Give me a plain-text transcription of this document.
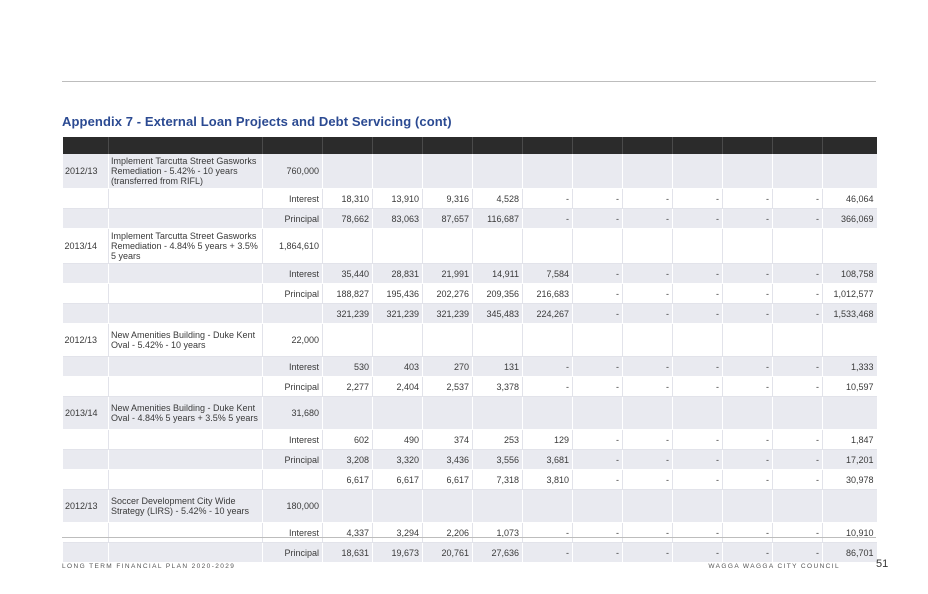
Appendix 7 - External Loan Projects and Debt Servicing (cont)

2012/13	Implement Tarcutta Street Gasworks Remediation - 5.42% - 10 years (transferred from RIFL)	760,000											
		Interest	18,310	13,910	9,316	4,528	-	-	-	-	-	-	46,064
		Principal	78,662	83,063	87,657	116,687	-	-	-	-	-	-	366,069
2013/14	Implement Tarcutta Street Gasworks Remediation - 4.84% 5 years + 3.5% 5 years	1,864,610											
		Interest	35,440	28,831	21,991	14,911	7,584	-	-	-	-	-	108,758
		Principal	188,827	195,436	202,276	209,356	216,683	-	-	-	-	-	1,012,577
			321,239	321,239	321,239	345,483	224,267	-	-	-	-	-	1,533,468
2012/13	New Amenities Building - Duke Kent Oval - 5.42% - 10 years	22,000											
		Interest	530	403	270	131	-	-	-	-	-	-	1,333
		Principal	2,277	2,404	2,537	3,378	-	-	-	-	-	-	10,597
2013/14	New Amenities Building - Duke Kent Oval - 4.84% 5 years + 3.5% 5 years	31,680											
		Interest	602	490	374	253	129	-	-	-	-	-	1,847
		Principal	3,208	3,320	3,436	3,556	3,681	-	-	-	-	-	17,201
			6,617	6,617	6,617	7,318	3,810	-	-	-	-	-	30,978
2012/13	Soccer Development City Wide Strategy (LIRS) - 5.42% - 10 years	180,000											
		Interest	4,337	3,294	2,206	1,073	-	-	-	-	-	-	10,910
		Principal	18,631	19,673	20,761	27,636	-	-	-	-	-	-	86,701
LONG TERM FINANCIAL PLAN 2020-2029	WAGGA WAGGA CITY COUNCIL	51
